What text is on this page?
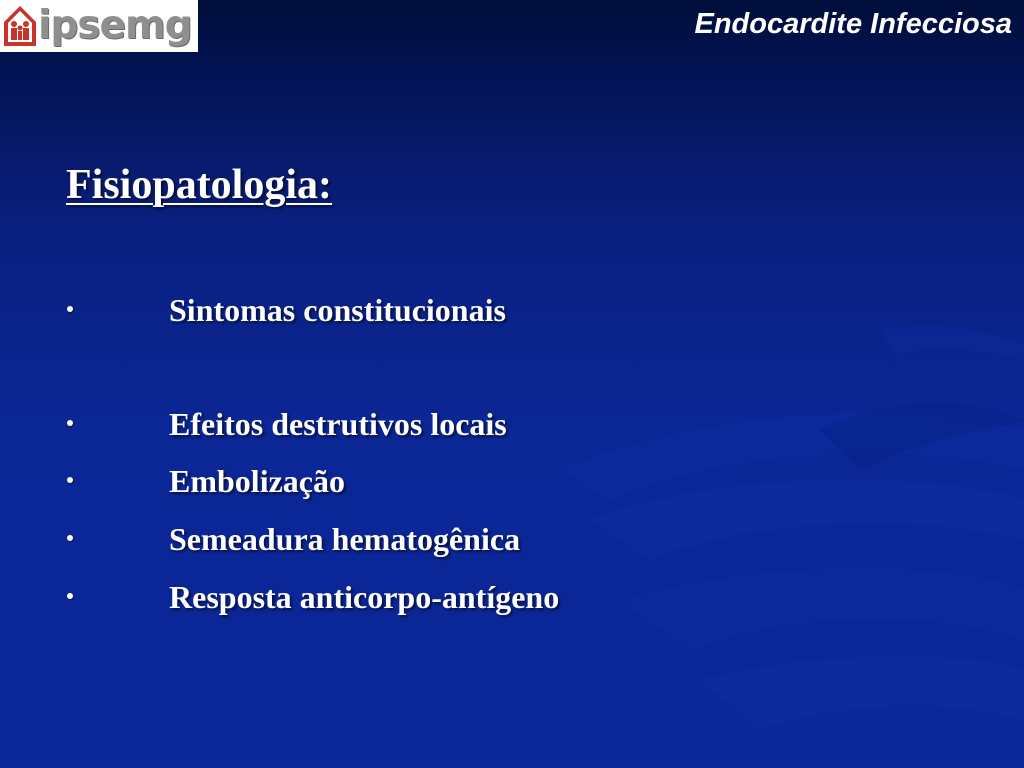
ipsemg	Endocardite Infecciosa
Fisiopatologia:
Sintomas constitucionais
Efeitos destrutivos locais
Embolização
Semeadura hematogênica
Resposta anticorpo-antígeno
